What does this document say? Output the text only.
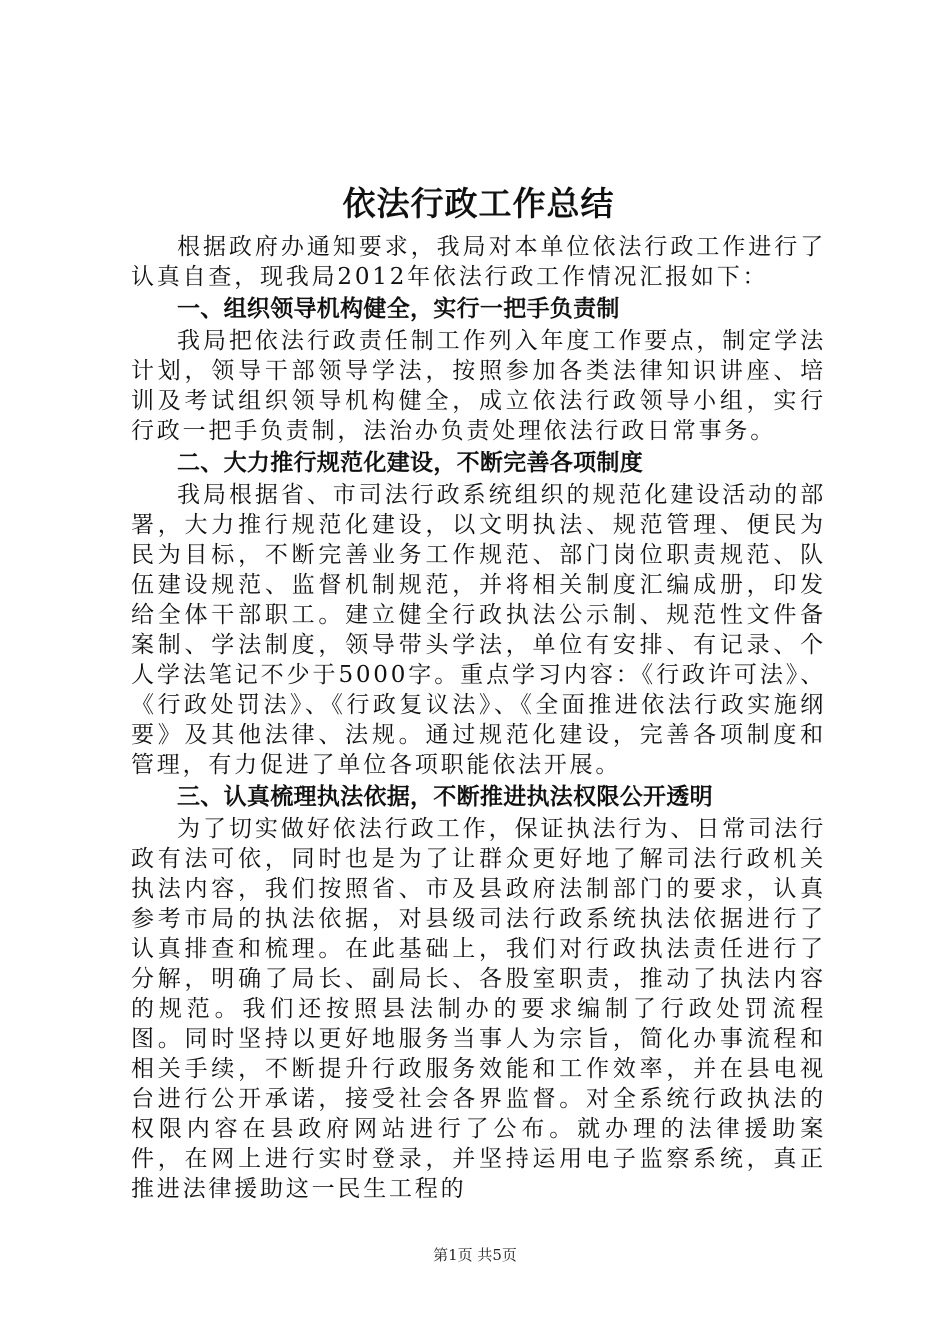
依法行政工作总结

根据政府办通知要求，我局对本单位依法行政工作进行了认真自查，现我局2012年依法行政工作情况汇报如下：

一、组织领导机构健全，实行一把手负责制

我局把依法行政责任制工作列入年度工作要点，制定学法计划，领导干部领导学法，按照参加各类法律知识讲座、培训及考试组织领导机构健全，成立依法行政领导小组，实行行政一把手负责制，法治办负责处理依法行政日常事务。

二、大力推行规范化建设，不断完善各项制度

我局根据省、市司法行政系统组织的规范化建设活动的部署，大力推行规范化建设，以文明执法、规范管理、便民为民为目标，不断完善业务工作规范、部门岗位职责规范、队伍建设规范、监督机制规范，并将相关制度汇编成册，印发给全体干部职工。建立健全行政执法公示制、规范性文件备案制、学法制度，领导带头学法，单位有安排、有记录、个人学法笔记不少于5000字。重点学习内容：《行政许可法》、《行政处罚法》、《行政复议法》、《全面推进依法行政实施纲要》及其他法律、法规。通过规范化建设，完善各项制度和管理，有力促进了单位各项职能依法开展。

三、认真梳理执法依据，不断推进执法权限公开透明

为了切实做好依法行政工作，保证执法行为、日常司法行政有法可依，同时也是为了让群众更好地了解司法行政机关执法内容，我们按照省、市及县政府法制部门的要求，认真参考市局的执法依据，对县级司法行政系统执法依据进行了认真排查和梳理。在此基础上，我们对行政执法责任进行了分解，明确了局长、副局长、各股室职责，推动了执法内容的规范。我们还按照县法制办的要求编制了行政处罚流程图。同时坚持以更好地服务当事人为宗旨，简化办事流程和相关手续，不断提升行政服务效能和工作效率，并在县电视台进行公开承诺，接受社会各界监督。对全系统行政执法的权限内容在县政府网站进行了公布。就办理的法律援助案件，在网上进行实时登录，并坚持运用电子监察系统，真正推进法律援助这一民生工程的

第1页 共5页
